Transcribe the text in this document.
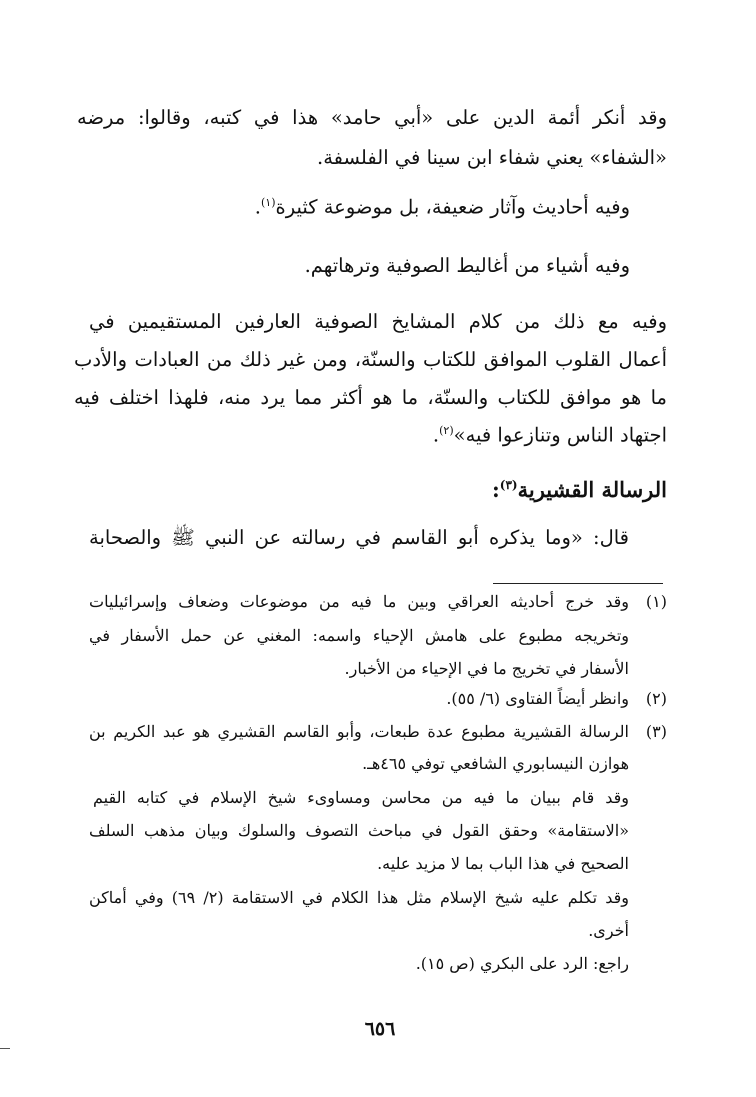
وقد أنكر أئمة الدين على «أبي حامد» هذا في كتبه، وقالوا: مرضه
«الشفاء» يعني شفاء ابن سينا في الفلسفة.
وفيه أحاديث وآثار ضعيفة، بل موضوعة كثيرة$^{(١)}$.
وفيه أشياء من أغاليط الصوفية وترهاتهم.
وفيه مع ذلك من كلام المشايخ الصوفية العارفين المستقيمين في
أعمال القلوب الموافق للكتاب والسنّة، ومن غير ذلك من العبادات والأدب
ما هو موافق للكتاب والسنّة، ما هو أكثر مما يرد منه، فلهذا اختلف فيه
اجتهاد الناس وتنازعوا فيه»$^{(٢)}$.
الرسالة القشيرية$^{(٣)}$:
قال: «وما يذكره أبو القاسم في رسالته عن النبي ﷺ والصحابة
(١)
وقد خرج أحاديثه العراقي وبين ما فيه من موضوعات وضعاف وإسرائيليات
وتخريجه مطبوع على هامش الإحياء واسمه: المغني عن حمل الأسفار في
الأسفار في تخريج ما في الإحياء من الأخبار.
(٢)
وانظر أيضاً الفتاوى (٦/ ٥٥).
(٣)
الرسالة القشيرية مطبوع عدة طبعات، وأبو القاسم القشيري هو عبد الكريم بن
هوازن النيسابوري الشافعي توفي ٤٦٥هـ.
وقد قام ببيان ما فيه من محاسن ومساوىء شيخ الإسلام في كتابه القيم
«الاستقامة» وحقق القول في مباحث التصوف والسلوك وبيان مذهب السلف
الصحيح في هذا الباب بما لا مزيد عليه.
وقد تكلم عليه شيخ الإسلام مثل هذا الكلام في الاستقامة (٢/ ٦٩) وفي أماكن
أخرى.
راجع: الرد على البكري (ص ١٥).
٦٥٦
